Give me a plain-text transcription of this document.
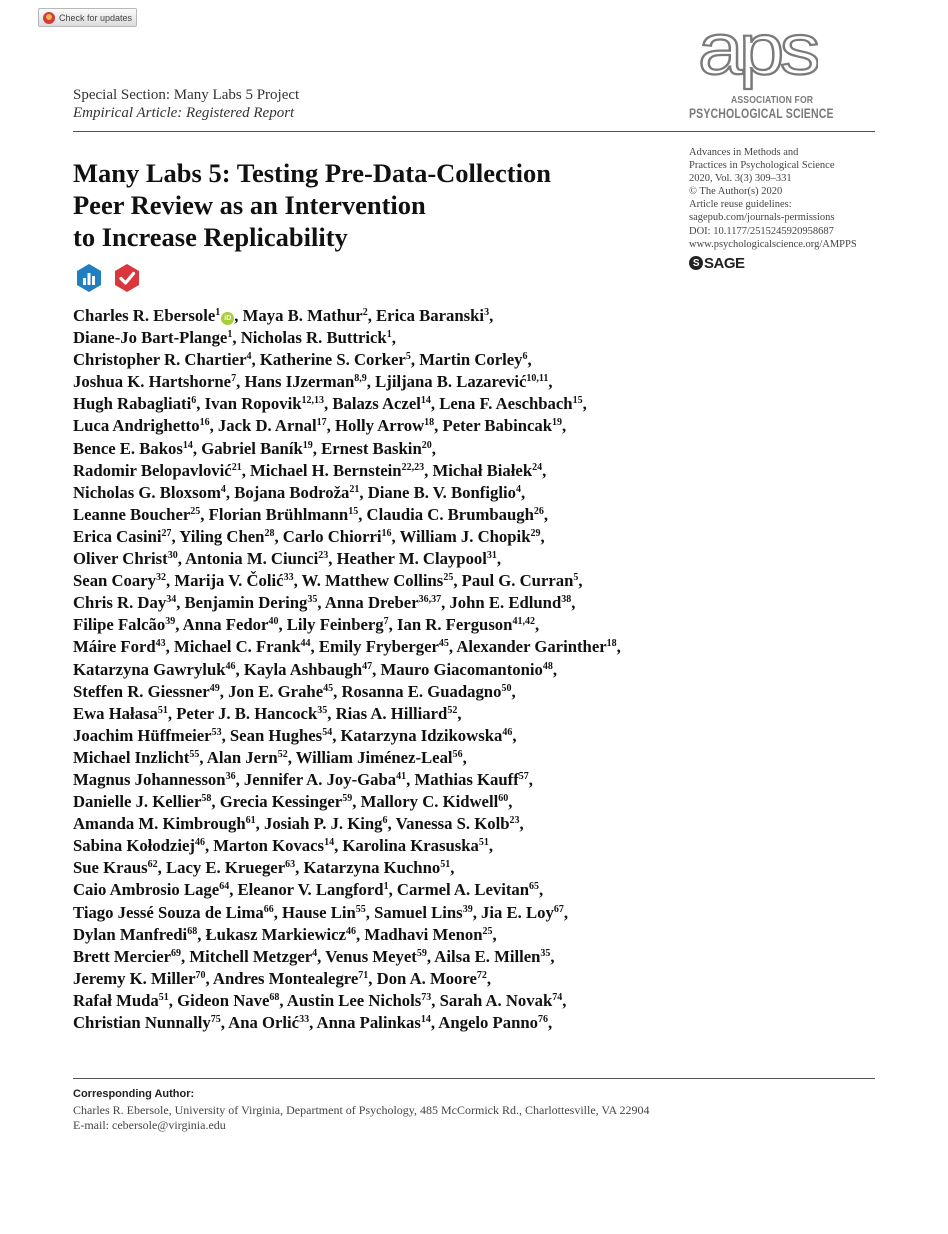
Check for updates	aps
ASSOCIATION FOR
PSYCHOLOGICAL SCIENCE
Special Section: Many Labs 5 Project
Empirical Article: Registered Report
Many Labs 5: Testing Pre-Data-Collection
Peer Review as an Intervention
to Increase Replicability
Advances in Methods and
Practices in Psychological Science
2020, Vol. 3(3) 309–331
© The Author(s) 2020
Article reuse guidelines:
sagepub.com/journals-permissions
DOI: 10.1177/2515245920958687
www.psychologicalscience.org/AMPPS
S SAGE
Charles R. Ebersole$^1$iD , Maya B. Mathur$^2$, Erica Baranski$^3$,
Diane-Jo Bart-Plange$^1$, Nicholas R. Buttrick$^1$,
Christopher R. Chartier$^4$, Katherine S. Corker$^5$, Martin Corley$^6$,
Joshua K. Hartshorne$^7$, Hans IJzerman$^{8,9}$, Ljiljana B. Lazarević$^{10,11}$,
Hugh Rabagliati$^6$, Ivan Ropovik$^{12,13}$, Balazs Aczel$^{14}$, Lena F. Aeschbach$^{15}$,
Luca Andrighetto$^{16}$, Jack D. Arnal$^{17}$, Holly Arrow$^{18}$, Peter Babincak$^{19}$,
Bence E. Bakos$^{14}$, Gabriel Baník$^{19}$, Ernest Baskin$^{20}$,
Radomir Belopavlović$^{21}$, Michael H. Bernstein$^{22,23}$, Michał Białek$^{24}$,
Nicholas G. Bloxsom$^4$, Bojana Bodroža$^{21}$, Diane B. V. Bonfiglio$^4$,
Leanne Boucher$^{25}$, Florian Brühlmann$^{15}$, Claudia C. Brumbaugh$^{26}$,
Erica Casini$^{27}$, Yiling Chen$^{28}$, Carlo Chiorri$^{16}$, William J. Chopik$^{29}$,
Oliver Christ$^{30}$, Antonia M. Ciunci$^{23}$, Heather M. Claypool$^{31}$,
Sean Coary$^{32}$, Marija V. Čolić$^{33}$, W. Matthew Collins$^{25}$, Paul G. Curran$^5$,
Chris R. Day$^{34}$, Benjamin Dering$^{35}$, Anna Dreber$^{36,37}$, John E. Edlund$^{38}$,
Filipe Falcão$^{39}$, Anna Fedor$^{40}$, Lily Feinberg$^7$, Ian R. Ferguson$^{41,42}$,
Máire Ford$^{43}$, Michael C. Frank$^{44}$, Emily Fryberger$^{45}$, Alexander Garinther$^{18}$,
Katarzyna Gawryluk$^{46}$, Kayla Ashbaugh$^{47}$, Mauro Giacomantonio$^{48}$,
Steffen R. Giessner$^{49}$, Jon E. Grahe$^{45}$, Rosanna E. Guadagno$^{50}$,
Ewa Hałasa$^{51}$, Peter J. B. Hancock$^{35}$, Rias A. Hilliard$^{52}$,
Joachim Hüffmeier$^{53}$, Sean Hughes$^{54}$, Katarzyna Idzikowska$^{46}$,
Michael Inzlicht$^{55}$, Alan Jern$^{52}$, William Jiménez-Leal$^{56}$,
Magnus Johannesson$^{36}$, Jennifer A. Joy-Gaba$^{41}$, Mathias Kauff$^{57}$,
Danielle J. Kellier$^{58}$, Grecia Kessinger$^{59}$, Mallory C. Kidwell$^{60}$,
Amanda M. Kimbrough$^{61}$, Josiah P. J. King$^6$, Vanessa S. Kolb$^{23}$,
Sabina Kołodziej$^{46}$, Marton Kovacs$^{14}$, Karolina Krasuska$^{51}$,
Sue Kraus$^{62}$, Lacy E. Krueger$^{63}$, Katarzyna Kuchno$^{51}$,
Caio Ambrosio Lage$^{64}$, Eleanor V. Langford$^1$, Carmel A. Levitan$^{65}$,
Tiago Jessé Souza de Lima$^{66}$, Hause Lin$^{55}$, Samuel Lins$^{39}$, Jia E. Loy$^{67}$,
Dylan Manfredi$^{68}$, Łukasz Markiewicz$^{46}$, Madhavi Menon$^{25}$,
Brett Mercier$^{69}$, Mitchell Metzger$^4$, Venus Meyet$^{59}$, Ailsa E. Millen$^{35}$,
Jeremy K. Miller$^{70}$, Andres Montealegre$^{71}$, Don A. Moore$^{72}$,
Rafał Muda$^{51}$, Gideon Nave$^{68}$, Austin Lee Nichols$^{73}$, Sarah A. Novak$^{74}$,
Christian Nunnally$^{75}$, Ana Orlić$^{33}$, Anna Palinkas$^{14}$, Angelo Panno$^{76}$,
Corresponding Author:
Charles R. Ebersole, University of Virginia, Department of Psychology, 485 McCormick Rd., Charlottesville, VA 22904
E-mail: cebersole@virginia.edu
